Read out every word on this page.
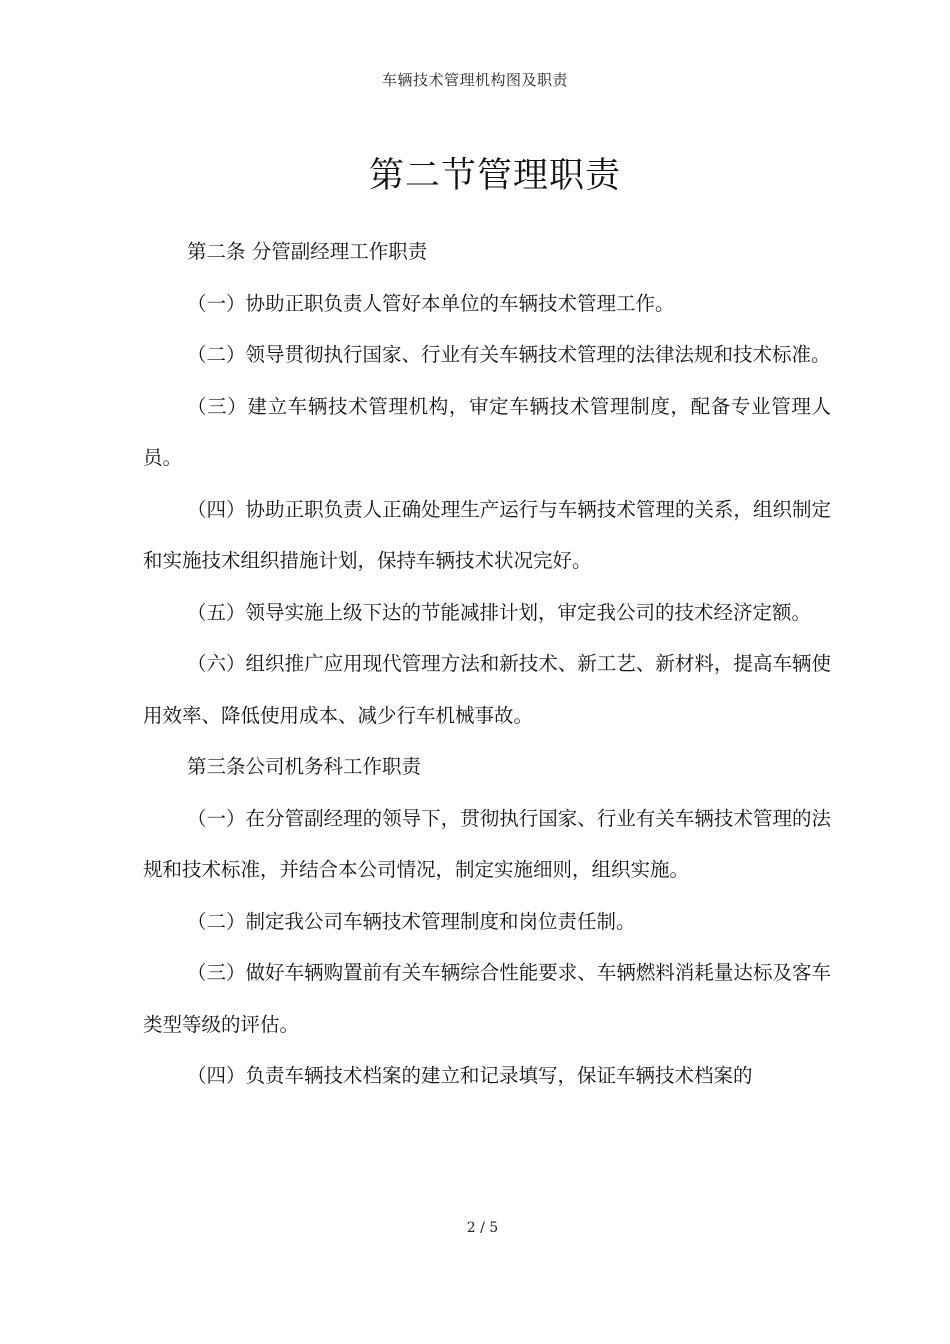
车辆技术管理机构图及职责
第二节管理职责

第二条 分管副经理工作职责

（一）协助正职负责人管好本单位的车辆技术管理工作。

（二）领导贯彻执行国家、行业有关车辆技术管理的法律法规和技术标准。

（三）建立车辆技术管理机构，审定车辆技术管理制度，配备专业管理人员。

（四）协助正职负责人正确处理生产运行与车辆技术管理的关系，组织制定和实施技术组织措施计划，保持车辆技术状况完好。

（五）领导实施上级下达的节能减排计划，审定我公司的技术经济定额。

（六）组织推广应用现代管理方法和新技术、新工艺、新材料，提高车辆使用效率、降低使用成本、减少行车机械事故。

第三条公司机务科工作职责

（一）在分管副经理的领导下，贯彻执行国家、行业有关车辆技术管理的法规和技术标准，并结合本公司情况，制定实施细则，组织实施。

（二）制定我公司车辆技术管理制度和岗位责任制。

（三）做好车辆购置前有关车辆综合性能要求、车辆燃料消耗量达标及客车类型等级的评估。

（四）负责车辆技术档案的建立和记录填写，保证车辆技术档案的

2 / 5
